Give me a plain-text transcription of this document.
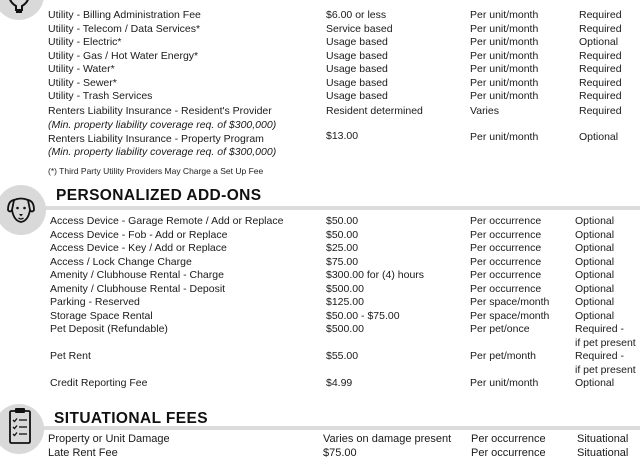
Utility - Billing Administration Fee	$6.00 or less	Per unit/month	Required
Utility - Telecom / Data Services*	Service based	Per unit/month	Required
Utility - Electric*	Usage based	Per unit/month	Optional
Utility - Gas / Hot Water Energy*	Usage based	Per unit/month	Required
Utility - Water*	Usage based	Per unit/month	Required
Utility - Sewer*	Usage based	Per unit/month	Required
Utility - Trash Services	Usage based	Per unit/month	Required
Renters Liability Insurance - Resident's Provider	Resident determined	Varies	Required
(Min. property liability coverage req. of $300,000)
Renters Liability Insurance - Property Program	$13.00	Per unit/month	Optional
(Min. property liability coverage req. of $300,000)
(*) Third Party Utility Providers May Charge a Set Up Fee
PERSONALIZED ADD-ONS
Access Device - Garage Remote / Add or Replace	$50.00	Per occurrence	Optional
Access Device - Fob - Add or Replace	$50.00	Per occurrence	Optional
Access Device - Key / Add or Replace	$25.00	Per occurrence	Optional
Access / Lock Change Charge	$75.00	Per occurrence	Optional
Amenity / Clubhouse Rental - Charge	$300.00 for (4) hours	Per occurrence	Optional
Amenity / Clubhouse Rental - Deposit	$500.00	Per occurrence	Optional
Parking - Reserved	$125.00	Per space/month Optional
Storage Space Rental	$50.00 - $75.00	Per space/month Optional
Pet Deposit (Refundable)	$500.00	Per pet/once	Required -
if pet present
Pet Rent	$55.00	Per pet/month	Required -
if pet present
Credit Reporting Fee	$4.99	Per unit/month	Optional
SITUATIONAL FEES
Property or Unit Damage	Varies on damage present Per occurrence	Situational
Late Rent Fee	$75.00	Per occurrence	Situational
